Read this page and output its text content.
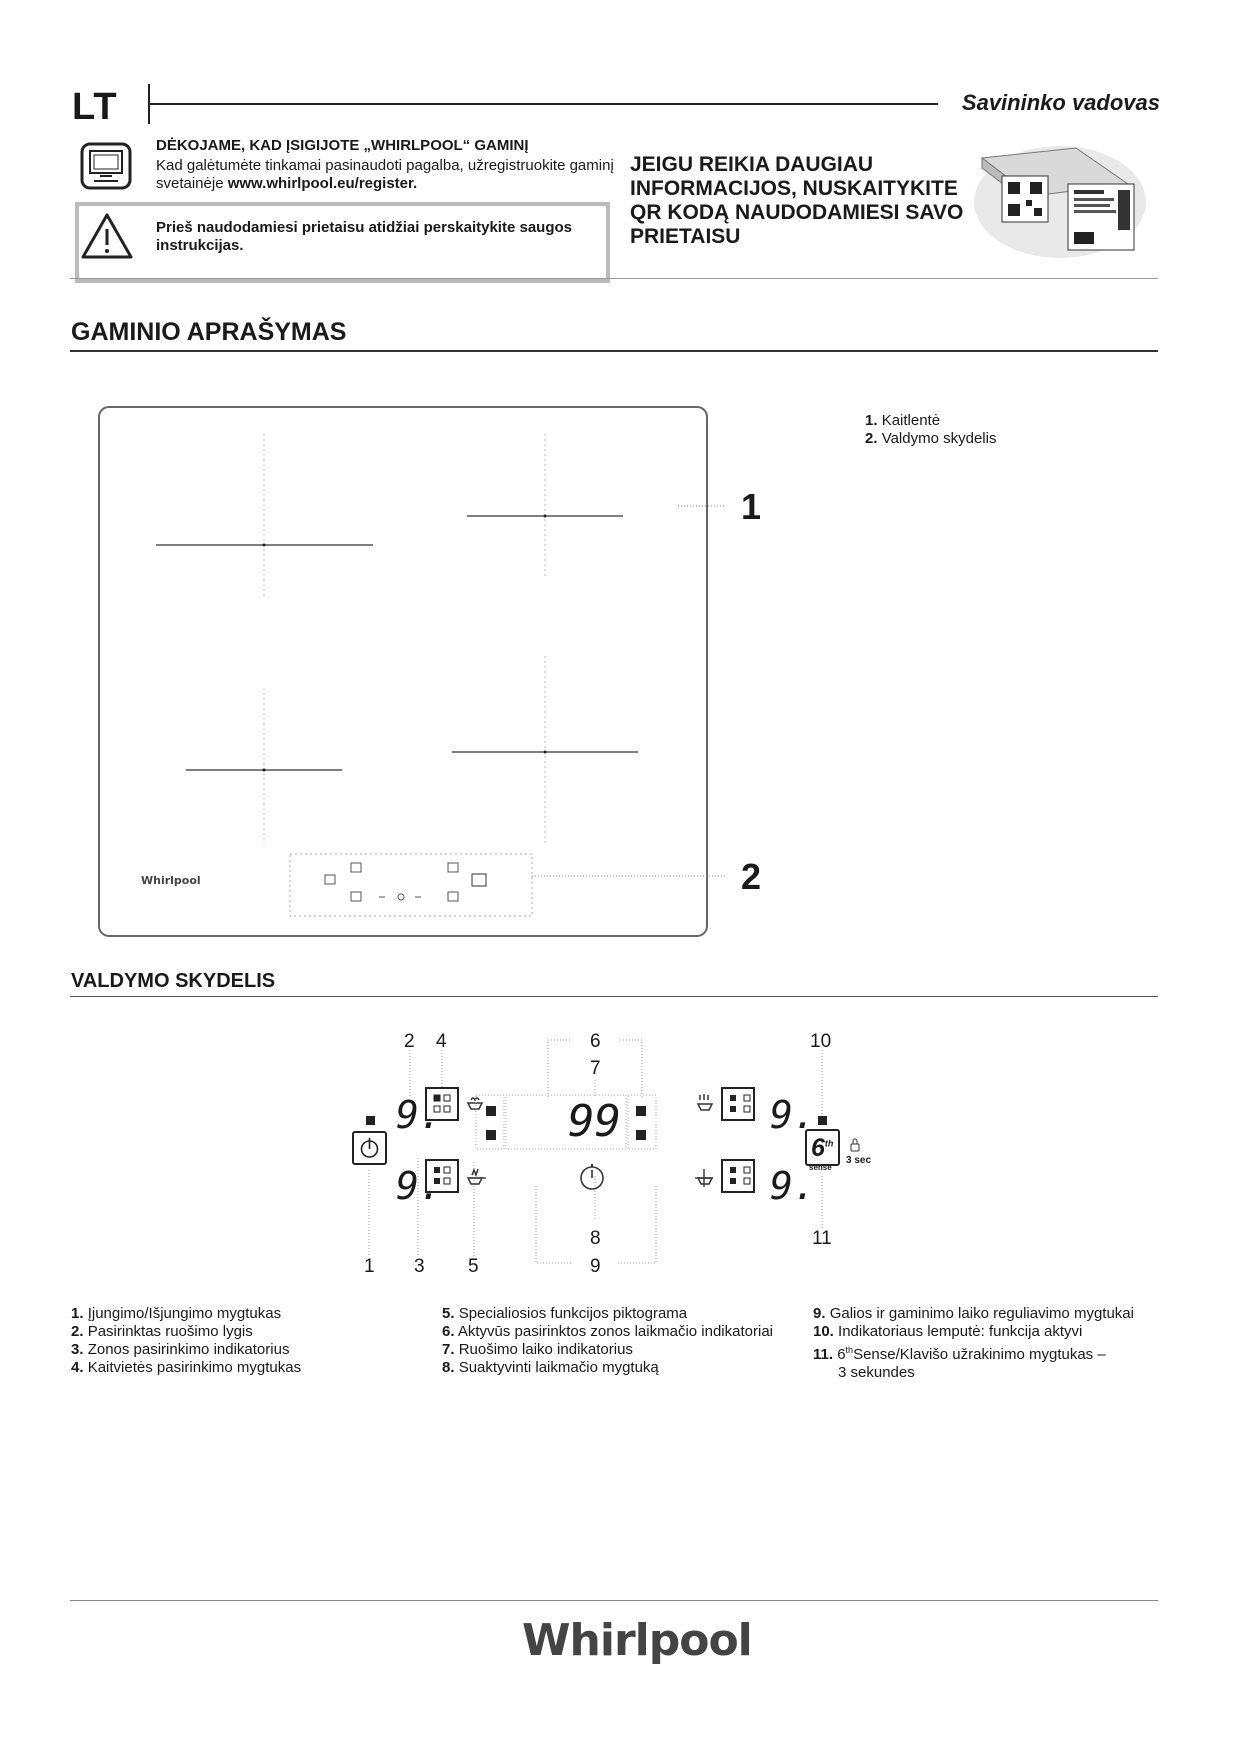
LT	Savininko vadovas
DĖKOJAME, KAD ĮSIGIJOTE „WHIRLPOOL“ GAMINĮ
Kad galėtumėte tinkamai pasinaudoti pagalba, užregistruokite gaminį svetainėje www.whirlpool.eu/register.
Prieš naudodamiesi prietaisu atidžiai perskaitykite saugos instrukcijas.
JEIGU REIKIA DAUGIAU INFORMACIJOS, NUSKAITYKITE QR KODĄ NAUDODAMIESI SAVO PRIETAISU
GAMINIO APRAŠYMAS
1. Kaitlentė
2. Valdymo skydelis
Whirlpool
1
2
VALDYMO SKYDELIS
2 4	6
7
10
1 3 5
8
9
11
9.
9.
99	9.
9.
6th
sense
3 sec
1. Įjungimo/Išjungimo mygtukas
2. Pasirinktas ruošimo lygis
3. Zonos pasirinkimo indikatorius
4. Kaitvietės pasirinkimo mygtukas
5. Specialiosios funkcijos piktograma
6. Aktyvūs pasirinktos zonos laikmačio indikatoriai
7. Ruošimo laiko indikatorius
8. Suaktyvinti laikmačio mygtuką
9. Galios ir gaminimo laiko reguliavimo mygtukai
10. Indikatoriaus lemputė: funkcija aktyvi
11. 6thSense/Klavišo užrakinimo mygtukas –
3 sekundes
Whirlpool
